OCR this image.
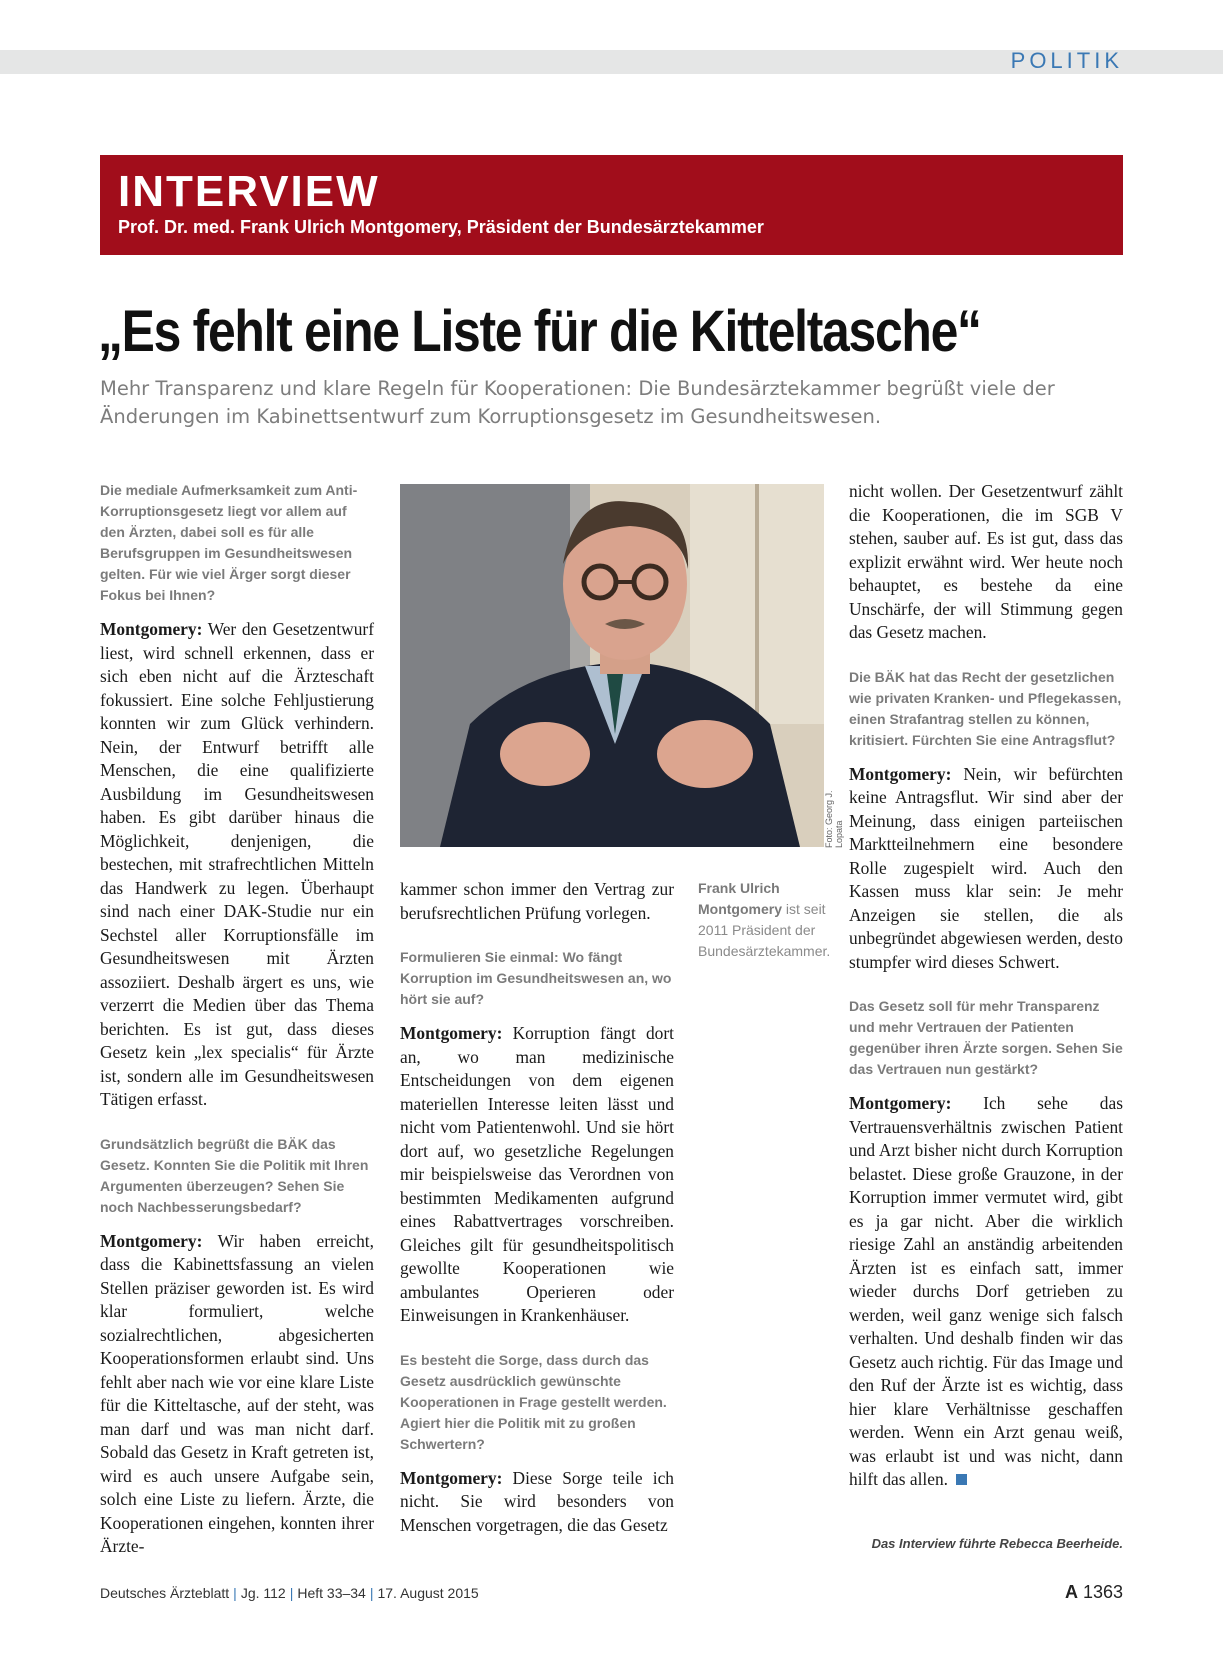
POLITIK
INTERVIEW
Prof. Dr. med. Frank Ulrich Montgomery, Präsident der Bundesärztekammer
„Es fehlt eine Liste für die Kitteltasche“
Mehr Transparenz und klare Regeln für Kooperationen: Die Bundesärztekammer begrüßt viele der Änderungen im Kabinettsentwurf zum Korruptionsgesetz im Gesundheitswesen.

Die mediale Aufmerksamkeit zum Anti-Korruptionsgesetz liegt vor allem auf den Ärzten, dabei soll es für alle Berufsgruppen im Gesundheitswesen gelten. Für wie viel Ärger sorgt dieser Fokus bei Ihnen?

Montgomery: Wer den Gesetzentwurf liest, wird schnell erkennen, dass er sich eben nicht auf die Ärzteschaft fokussiert. Eine solche Fehljustierung konnten wir zum Glück verhindern. Nein, der Entwurf betrifft alle Menschen, die eine qualifizierte Ausbildung im Gesundheitswesen haben. Es gibt darüber hinaus die Möglichkeit, denjenigen, die bestechen, mit strafrechtlichen Mitteln das Handwerk zu legen. Überhaupt sind nach einer DAK-Studie nur ein Sechstel aller Korruptionsfälle im Gesundheitswesen mit Ärzten assoziiert. Deshalb ärgert es uns, wie verzerrt die Medien über das Thema berichten. Es ist gut, dass dieses Gesetz kein „lex specialis“ für Ärzte ist, sondern alle im Gesundheitswesen Tätigen erfasst.

Grundsätzlich begrüßt die BÄK das Gesetz. Konnten Sie die Politik mit Ihren Argumenten überzeugen? Sehen Sie noch Nachbesserungsbedarf?

Montgomery: Wir haben erreicht, dass die Kabinettsfassung an vielen Stellen präziser geworden ist. Es wird klar formuliert, welche sozialrechtlichen, abgesicherten Kooperationsformen erlaubt sind. Uns fehlt aber nach wie vor eine klare Liste für die Kitteltasche, auf der steht, was man darf und was man nicht darf. Sobald das Gesetz in Kraft getreten ist, wird es auch unsere Aufgabe sein, solch eine Liste zu liefern. Ärzte, die Kooperationen eingehen, konnten ihrer Ärzte-

Foto: Georg J. Lopata

kammer schon immer den Vertrag zur berufsrechtlichen Prüfung vorlegen.

Formulieren Sie einmal: Wo fängt Korruption im Gesundheitswesen an, wo hört sie auf?

Montgomery: Korruption fängt dort an, wo man medizinische Entscheidungen von dem eigenen materiellen Interesse leiten lässt und nicht vom Patientenwohl. Und sie hört dort auf, wo gesetzliche Regelungen mir beispielsweise das Verordnen von bestimmten Medikamenten aufgrund eines Rabattvertrages vorschreiben. Gleiches gilt für gesundheitspolitisch gewollte Kooperationen wie ambulantes Operieren oder Einweisungen in Krankenhäuser.

Es besteht die Sorge, dass durch das Gesetz ausdrücklich gewünschte Kooperationen in Frage gestellt werden. Agiert hier die Politik mit zu großen Schwertern?

Montgomery: Diese Sorge teile ich nicht. Sie wird besonders von Menschen vorgetragen, die das Gesetz

Frank Ulrich Montgomery ist seit 2011 Präsident der Bundesärztekammer.

nicht wollen. Der Gesetzentwurf zählt die Kooperationen, die im SGB V stehen, sauber auf. Es ist gut, dass das explizit erwähnt wird. Wer heute noch behauptet, es bestehe da eine Unschärfe, der will Stimmung gegen das Gesetz machen.

Die BÄK hat das Recht der gesetzlichen wie privaten Kranken- und Pflegekassen, einen Strafantrag stellen zu können, kritisiert. Fürchten Sie eine Antragsflut?

Montgomery: Nein, wir befürchten keine Antragsflut. Wir sind aber der Meinung, dass einigen parteiischen Marktteilnehmern eine besondere Rolle zugespielt wird. Auch den Kassen muss klar sein: Je mehr Anzeigen sie stellen, die als unbegründet abgewiesen werden, desto stumpfer wird dieses Schwert.

Das Gesetz soll für mehr Transparenz und mehr Vertrauen der Patienten gegenüber ihren Ärzte sorgen. Sehen Sie das Vertrauen nun gestärkt?

Montgomery: Ich sehe das Vertrauensverhältnis zwischen Patient und Arzt bisher nicht durch Korruption belastet. Diese große Grauzone, in der Korruption immer vermutet wird, gibt es ja gar nicht. Aber die wirklich riesige Zahl an anständig arbeitenden Ärzten ist es einfach satt, immer wieder durchs Dorf getrieben zu werden, weil ganz wenige sich falsch verhalten. Und deshalb finden wir das Gesetz auch richtig. Für das Image und den Ruf der Ärzte ist es wichtig, dass hier klare Verhältnisse geschaffen werden. Wenn ein Arzt genau weiß, was erlaubt ist und was nicht, dann hilft das allen.

Das Interview führte Rebecca Beerheide.
Deutsches Ärzteblatt | Jg. 112 | Heft 33–34 | 17. August 2015	A 1363
